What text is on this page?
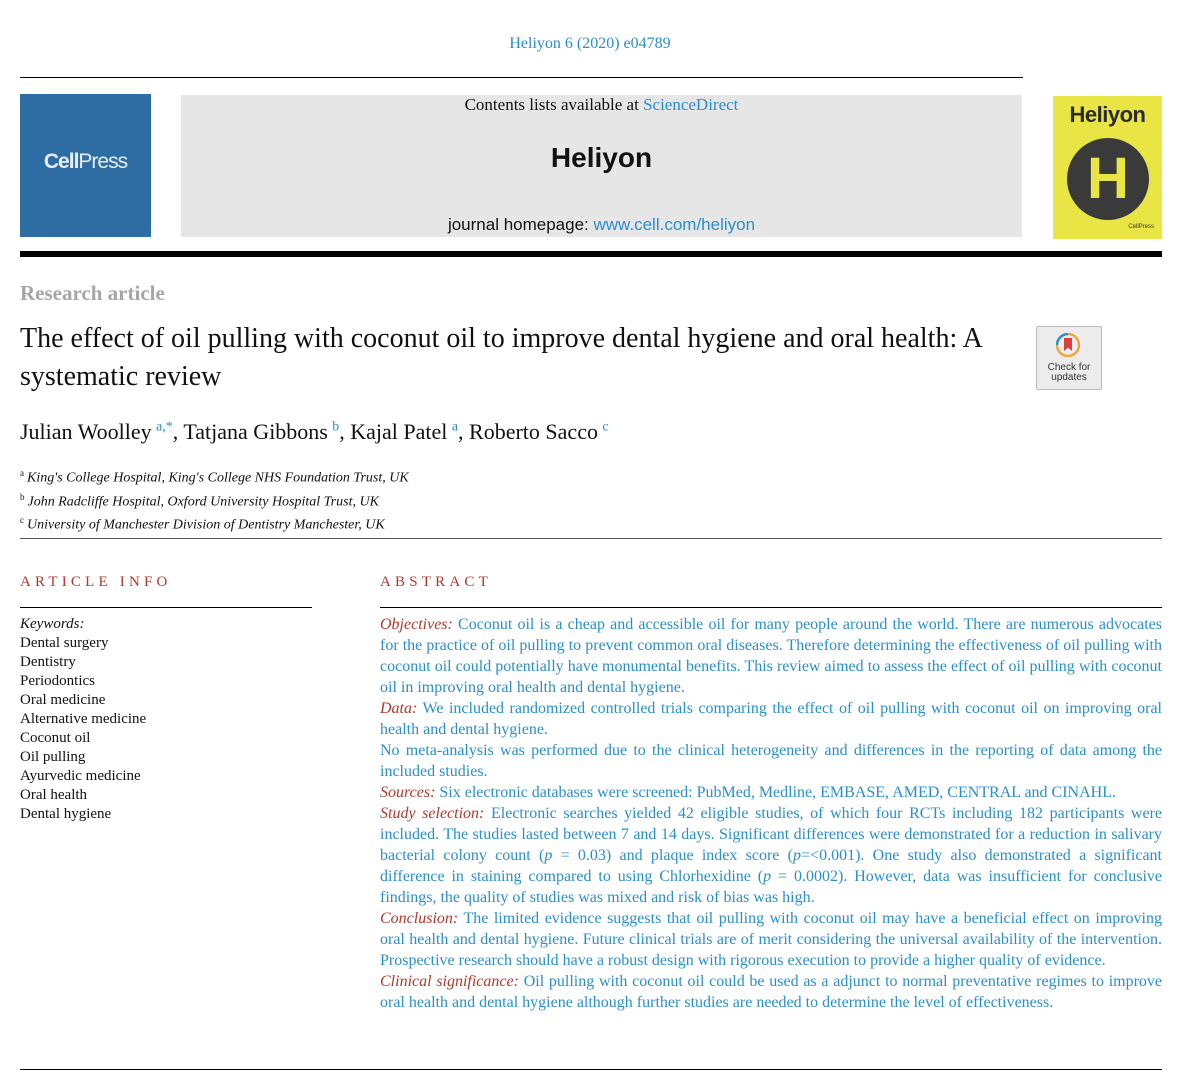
Heliyon 6 (2020) e04789
CellPress
Contents lists available at ScienceDirect
Heliyon
journal homepage: www.cell.com/heliyon
Heliyon
H
CellPress
Research article
The effect of oil pulling with coconut oil to improve dental hygiene and oral health: A systematic review	Check for
updates
Julian Woolley  $^{a,*}$, Tatjana Gibbons  $^b$, Kajal Patel  $^a$, Roberto Sacco  $^c$
$^a$ King's College Hospital, King's College NHS Foundation Trust, UK
$^b$ John Radcliffe Hospital, Oxford University Hospital Trust, UK
$^c$ University of Manchester Division of Dentistry Manchester, UK
ARTICLE INFO	ABSTRACT
Keywords:
Dental surgery
Dentistry
Periodontics
Oral medicine
Alternative medicine
Coconut oil
Oil pulling
Ayurvedic medicine
Oral health
Dental hygiene

Objectives: Coconut oil is a cheap and accessible oil for many people around the world. There are numerous advocates for the practice of oil pulling to prevent common oral diseases. Therefore determining the effectiveness of oil pulling with coconut oil could potentially have monumental benefits. This review aimed to assess the effect of oil pulling with coconut oil in improving oral health and dental hygiene.

Data: We included randomized controlled trials comparing the effect of oil pulling with coconut oil on improving oral health and dental hygiene.

No meta-analysis was performed due to the clinical heterogeneity and differences in the reporting of data among the included studies.

Sources: Six electronic databases were screened: PubMed, Medline, EMBASE, AMED, CENTRAL and CINAHL.

Study selection: Electronic searches yielded 42 eligible studies, of which four RCTs including 182 participants were included. The studies lasted between 7 and 14 days. Significant differences were demonstrated for a reduction in salivary bacterial colony count (p = 0.03) and plaque index score (p=<0.001). One study also demonstrated a significant difference in staining compared to using Chlorhexidine (p = 0.0002). However, data was insufficient for conclusive findings, the quality of studies was mixed and risk of bias was high.

Conclusion: The limited evidence suggests that oil pulling with coconut oil may have a beneficial effect on improving oral health and dental hygiene. Future clinical trials are of merit considering the universal availability of the intervention. Prospective research should have a robust design with rigorous execution to provide a higher quality of evidence.

Clinical significance: Oil pulling with coconut oil could be used as a adjunct to normal preventative regimes to improve oral health and dental hygiene although further studies are needed to determine the level of effectiveness.
